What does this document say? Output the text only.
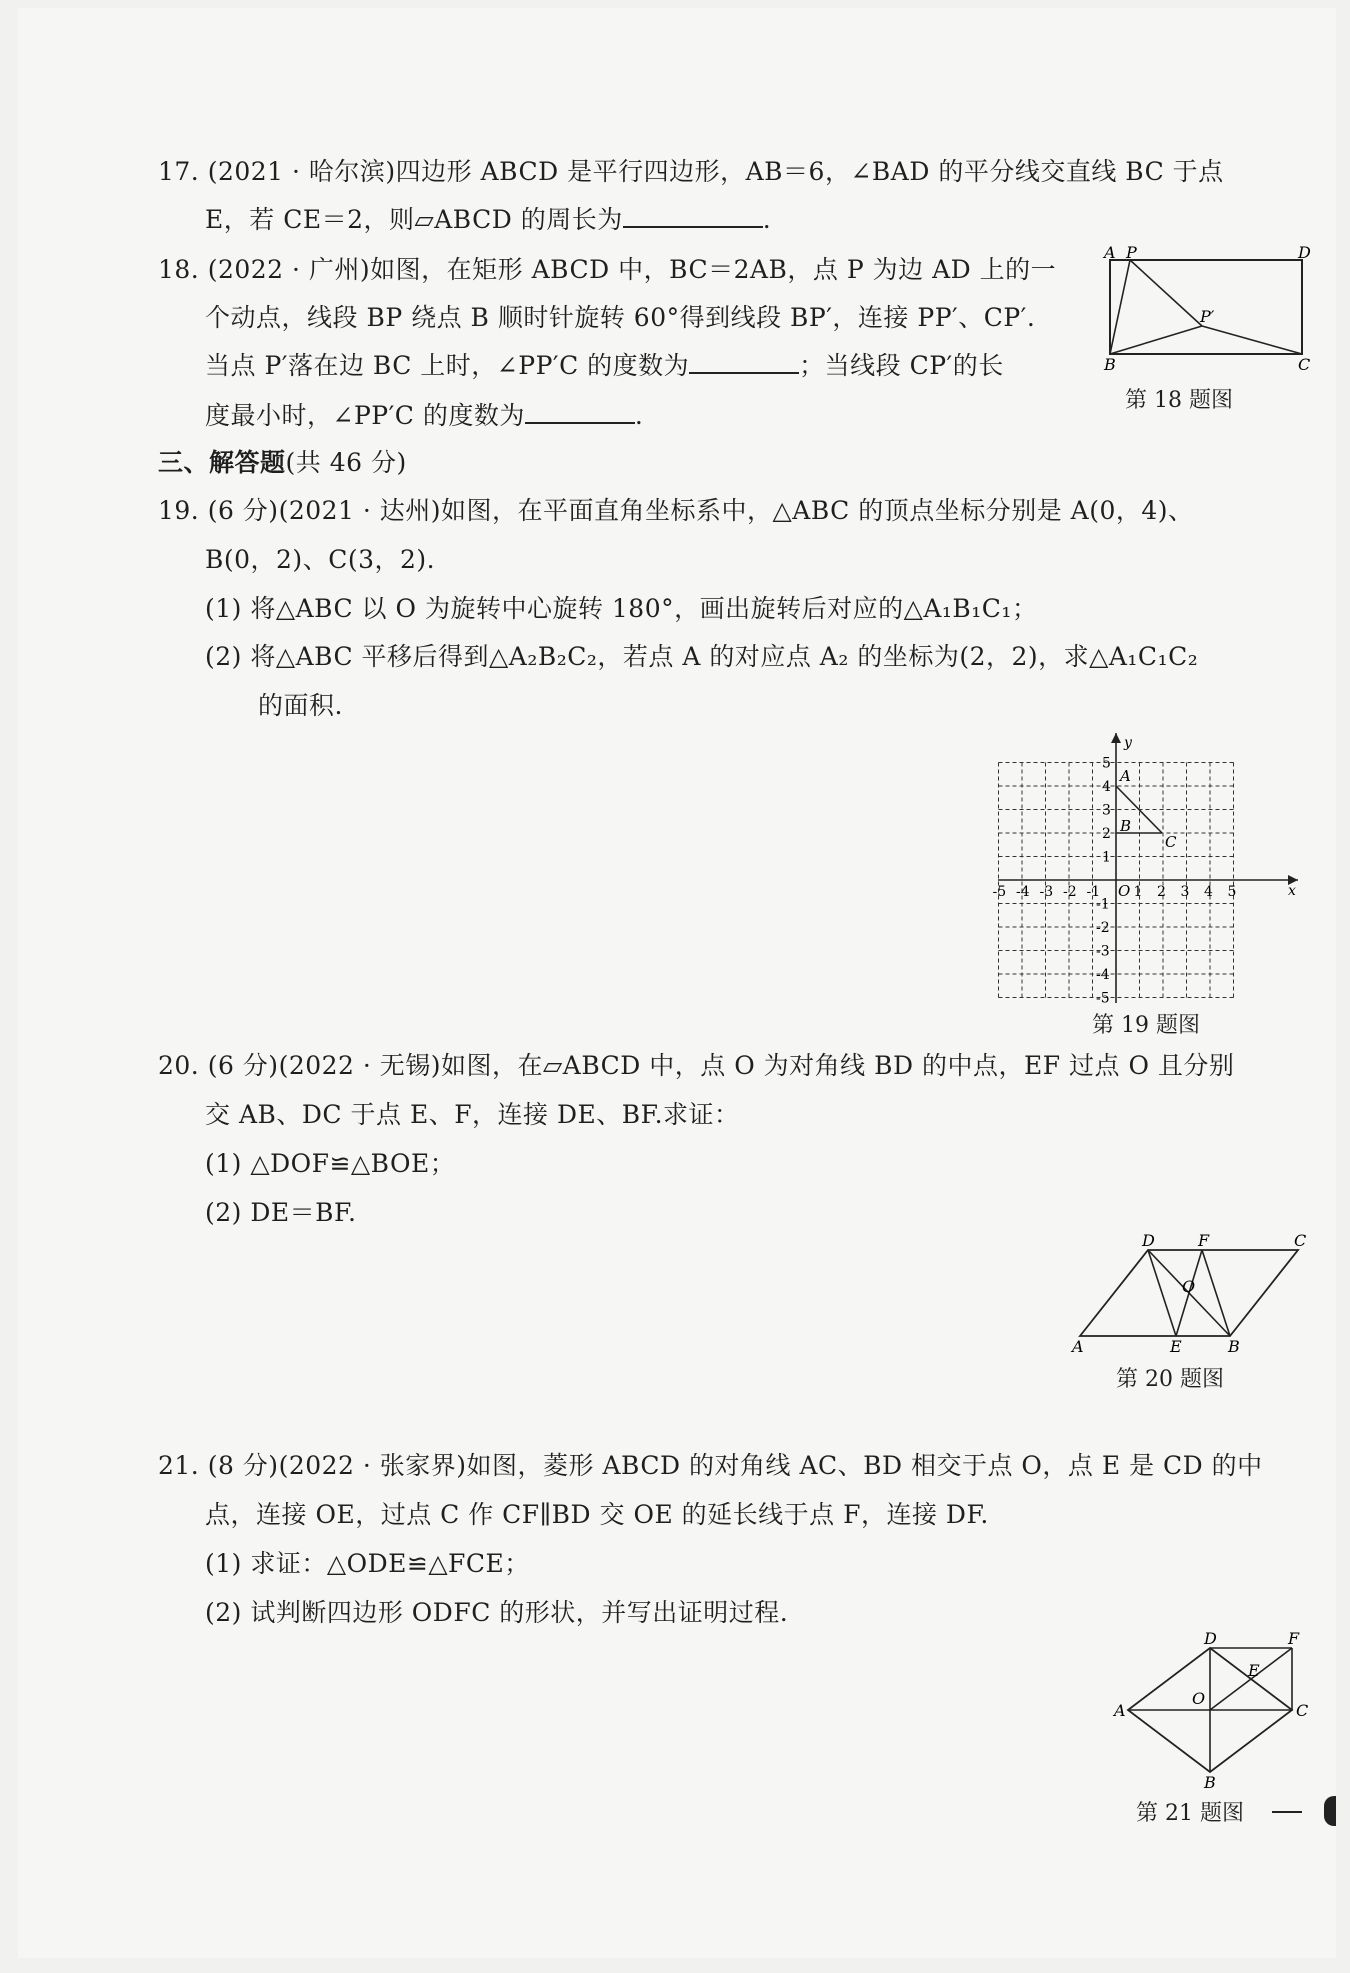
17. (2021 · 哈尔滨)四边形 ABCD 是平行四边形，AB＝6，∠BAD 的平分线交直线 BC 于点
E，若 CE＝2，则▱ABCD 的周长为	.
18. (2022 · 广州)如图，在矩形 ABCD 中，BC＝2AB，点 P 为边 AD 上的一
个动点，线段 BP 绕点 B 顺时针旋转 60°得到线段 BP′，连接 PP′、CP′.
当点 P′落在边 BC 上时，∠PP′C 的度数为	；当线段 CP′的长
度最小时，∠PP′C 的度数为	.
A P	D
P′
B	C
第 18 题图
三、解答题(共 46 分)
19. (6 分)(2021 · 达州)如图，在平面直角坐标系中，△ABC 的顶点坐标分别是 A(0，4)、
B(0，2)、C(3，2).
(1) 将△ABC 以 O 为旋转中心旋转 180°，画出旋转后对应的△A₁B₁C₁；
(2) 将△ABC 平移后得到△A₂B₂C₂，若点 A 的对应点 A₂ 的坐标为(2，2)，求△A₁C₁C₂
的面积.
y
x
O
A
B
C
-5 -4 -3 -2 -1 1 2 3 4 5
5
4
3
2
1
-1
-2
-3
-4
-5
第 19 题图
20. (6 分)(2022 · 无锡)如图，在▱ABCD 中，点 O 为对角线 BD 的中点，EF 过点 O 且分别
交 AB、DC 于点 E、F，连接 DE、BF.求证：
(1) △DOF≌△BOE；
(2) DE＝BF.
D	F	C
O
A	E	B
第 20 题图
21. (8 分)(2022 · 张家界)如图，菱形 ABCD 的对角线 AC、BD 相交于点 O，点 E 是 CD 的中
点，连接 OE，过点 C 作 CF∥BD 交 OE 的延长线于点 F，连接 DF.
(1) 求证：△ODE≌△FCE；
(2) 试判断四边形 ODFC 的形状，并写出证明过程.
D	F
E
A
O
C
B
第 21 题图
